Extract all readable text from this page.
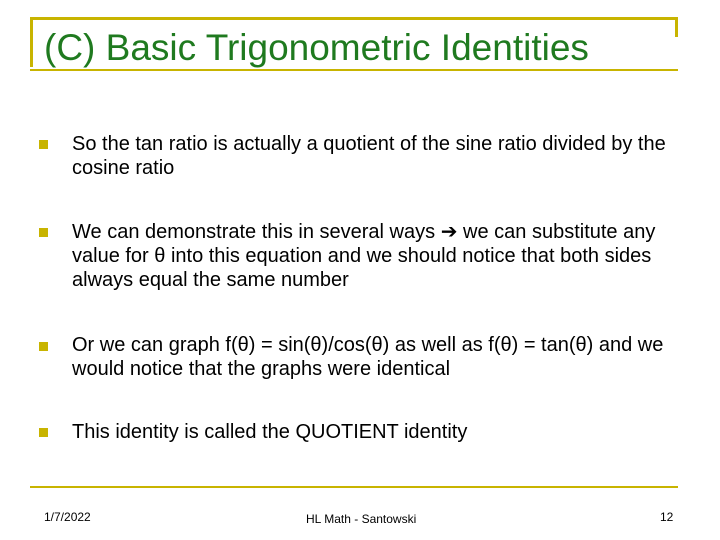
(C) Basic Trigonometric Identities
So the tan ratio is actually a quotient of the sine ratio divided by the cosine ratio
We can demonstrate this in several ways ➔ we can substitute any value for θ into this equation and we should notice that both sides always equal the same number
Or we can graph f(θ) = sin(θ)/cos(θ) as well as f(θ) = tan(θ) and we would notice that the graphs were identical
This identity is called the QUOTIENT identity
1/7/2022	HL Math - Santowski	12
